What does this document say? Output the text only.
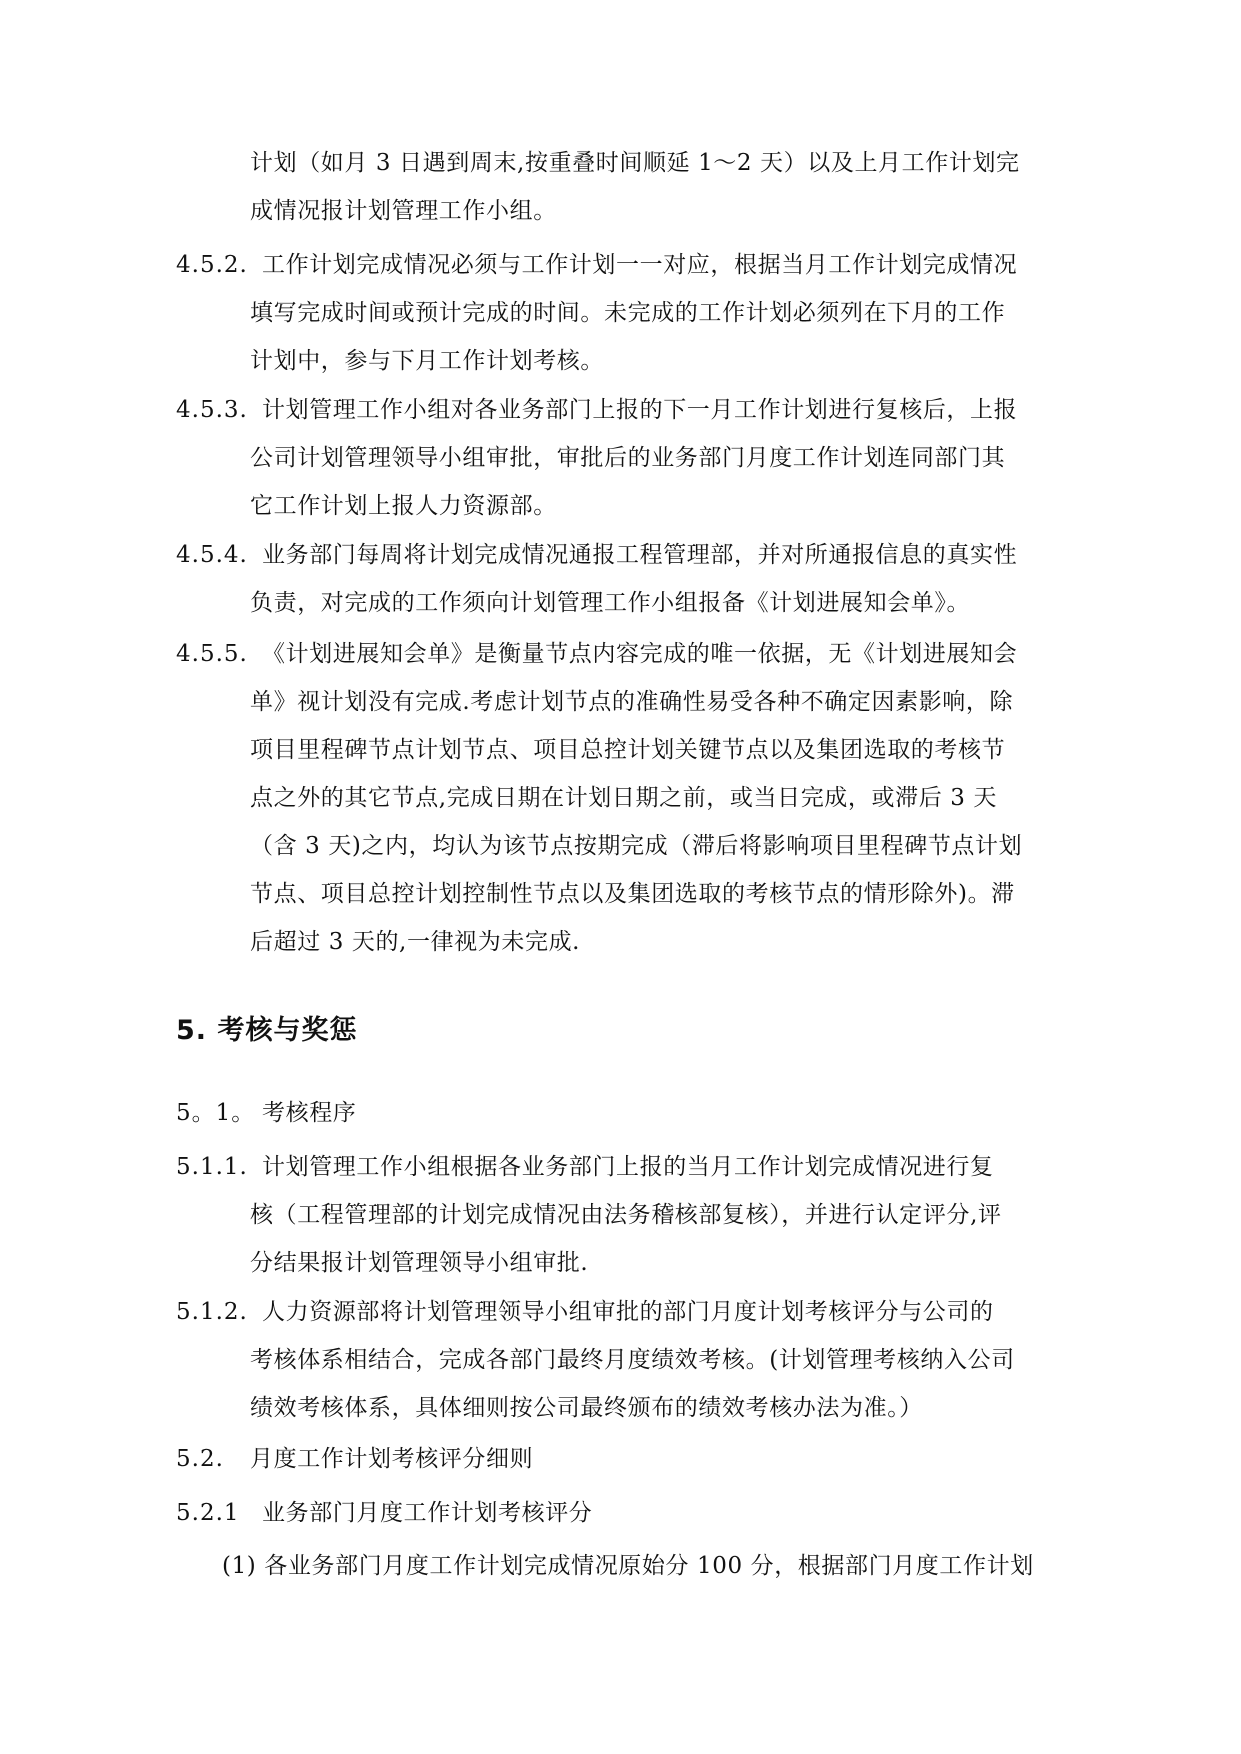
计划（如月 3 日遇到周末,按重叠时间顺延 1～2 天）以及上月工作计划完
成情况报计划管理工作小组。
4.5.2. 工作计划完成情况必须与工作计划一一对应，根据当月工作计划完成情况
填写完成时间或预计完成的时间。未完成的工作计划必须列在下月的工作
计划中，参与下月工作计划考核。
4.5.3. 计划管理工作小组对各业务部门上报的下一月工作计划进行复核后，上报
公司计划管理领导小组审批，审批后的业务部门月度工作计划连同部门其
它工作计划上报人力资源部。
4.5.4. 业务部门每周将计划完成情况通报工程管理部，并对所通报信息的真实性
负责，对完成的工作须向计划管理工作小组报备《计划进展知会单》。
4.5.5. 《计划进展知会单》是衡量节点内容完成的唯一依据，无《计划进展知会
单》视计划没有完成.考虑计划节点的准确性易受各种不确定因素影响，除
项目里程碑节点计划节点、项目总控计划关键节点以及集团选取的考核节
点之外的其它节点,完成日期在计划日期之前，或当日完成，或滞后 3 天
（含 3 天)之内，均认为该节点按期完成（滞后将影响项目里程碑节点计划
节点、项目总控计划控制性节点以及集团选取的考核节点的情形除外)。滞
后超过 3 天的,一律视为未完成.
5. 考核与奖惩
5。1。 考核程序
5.1.1. 计划管理工作小组根据各业务部门上报的当月工作计划完成情况进行复
核（工程管理部的计划完成情况由法务稽核部复核），并进行认定评分,评
分结果报计划管理领导小组审批.
5.1.2. 人力资源部将计划管理领导小组审批的部门月度计划考核评分与公司的
考核体系相结合，完成各部门最终月度绩效考核。(计划管理考核纳入公司
绩效考核体系，具体细则按公司最终颁布的绩效考核办法为准。）
5.2. 月度工作计划考核评分细则
5.2.1 业务部门月度工作计划考核评分
(1) 各业务部门月度工作计划完成情况原始分 100 分，根据部门月度工作计划
